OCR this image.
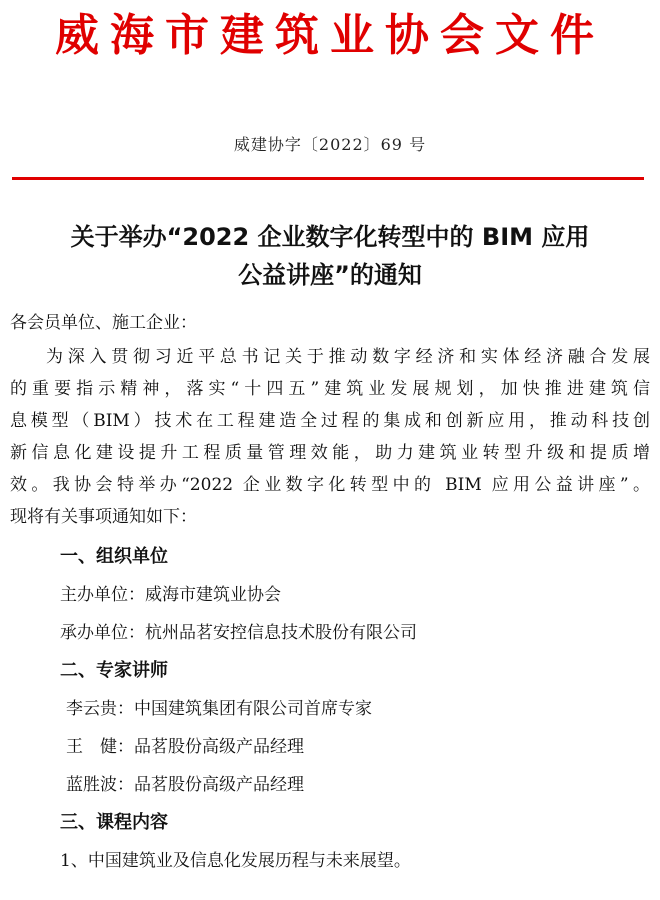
威海市建筑业协会文件
威建协字〔2022〕69 号
关于举办“2022 企业数字化转型中的 BIM 应用
公益讲座”的通知
各会员单位、施工企业：
为深入贯彻习近平总书记关于推动数字经济和实体经济融合发展
的重要指示精神，落实“十四五”建筑业发展规划，加快推进建筑信
息模型（BIM）技术在工程建造全过程的集成和创新应用，推动科技创
新信息化建设提升工程质量管理效能，助力建筑业转型升级和提质增
效。我协会特举办“2022 企业数字化转型中的 BIM 应用公益讲座”。
现将有关事项通知如下：
一、组织单位
主办单位：威海市建筑业协会
承办单位：杭州品茗安控信息技术股份有限公司
二、专家讲师
李云贵：中国建筑集团有限公司首席专家
王　健：品茗股份高级产品经理
蓝胜波：品茗股份高级产品经理
三、课程内容
1、中国建筑业及信息化发展历程与未来展望。
